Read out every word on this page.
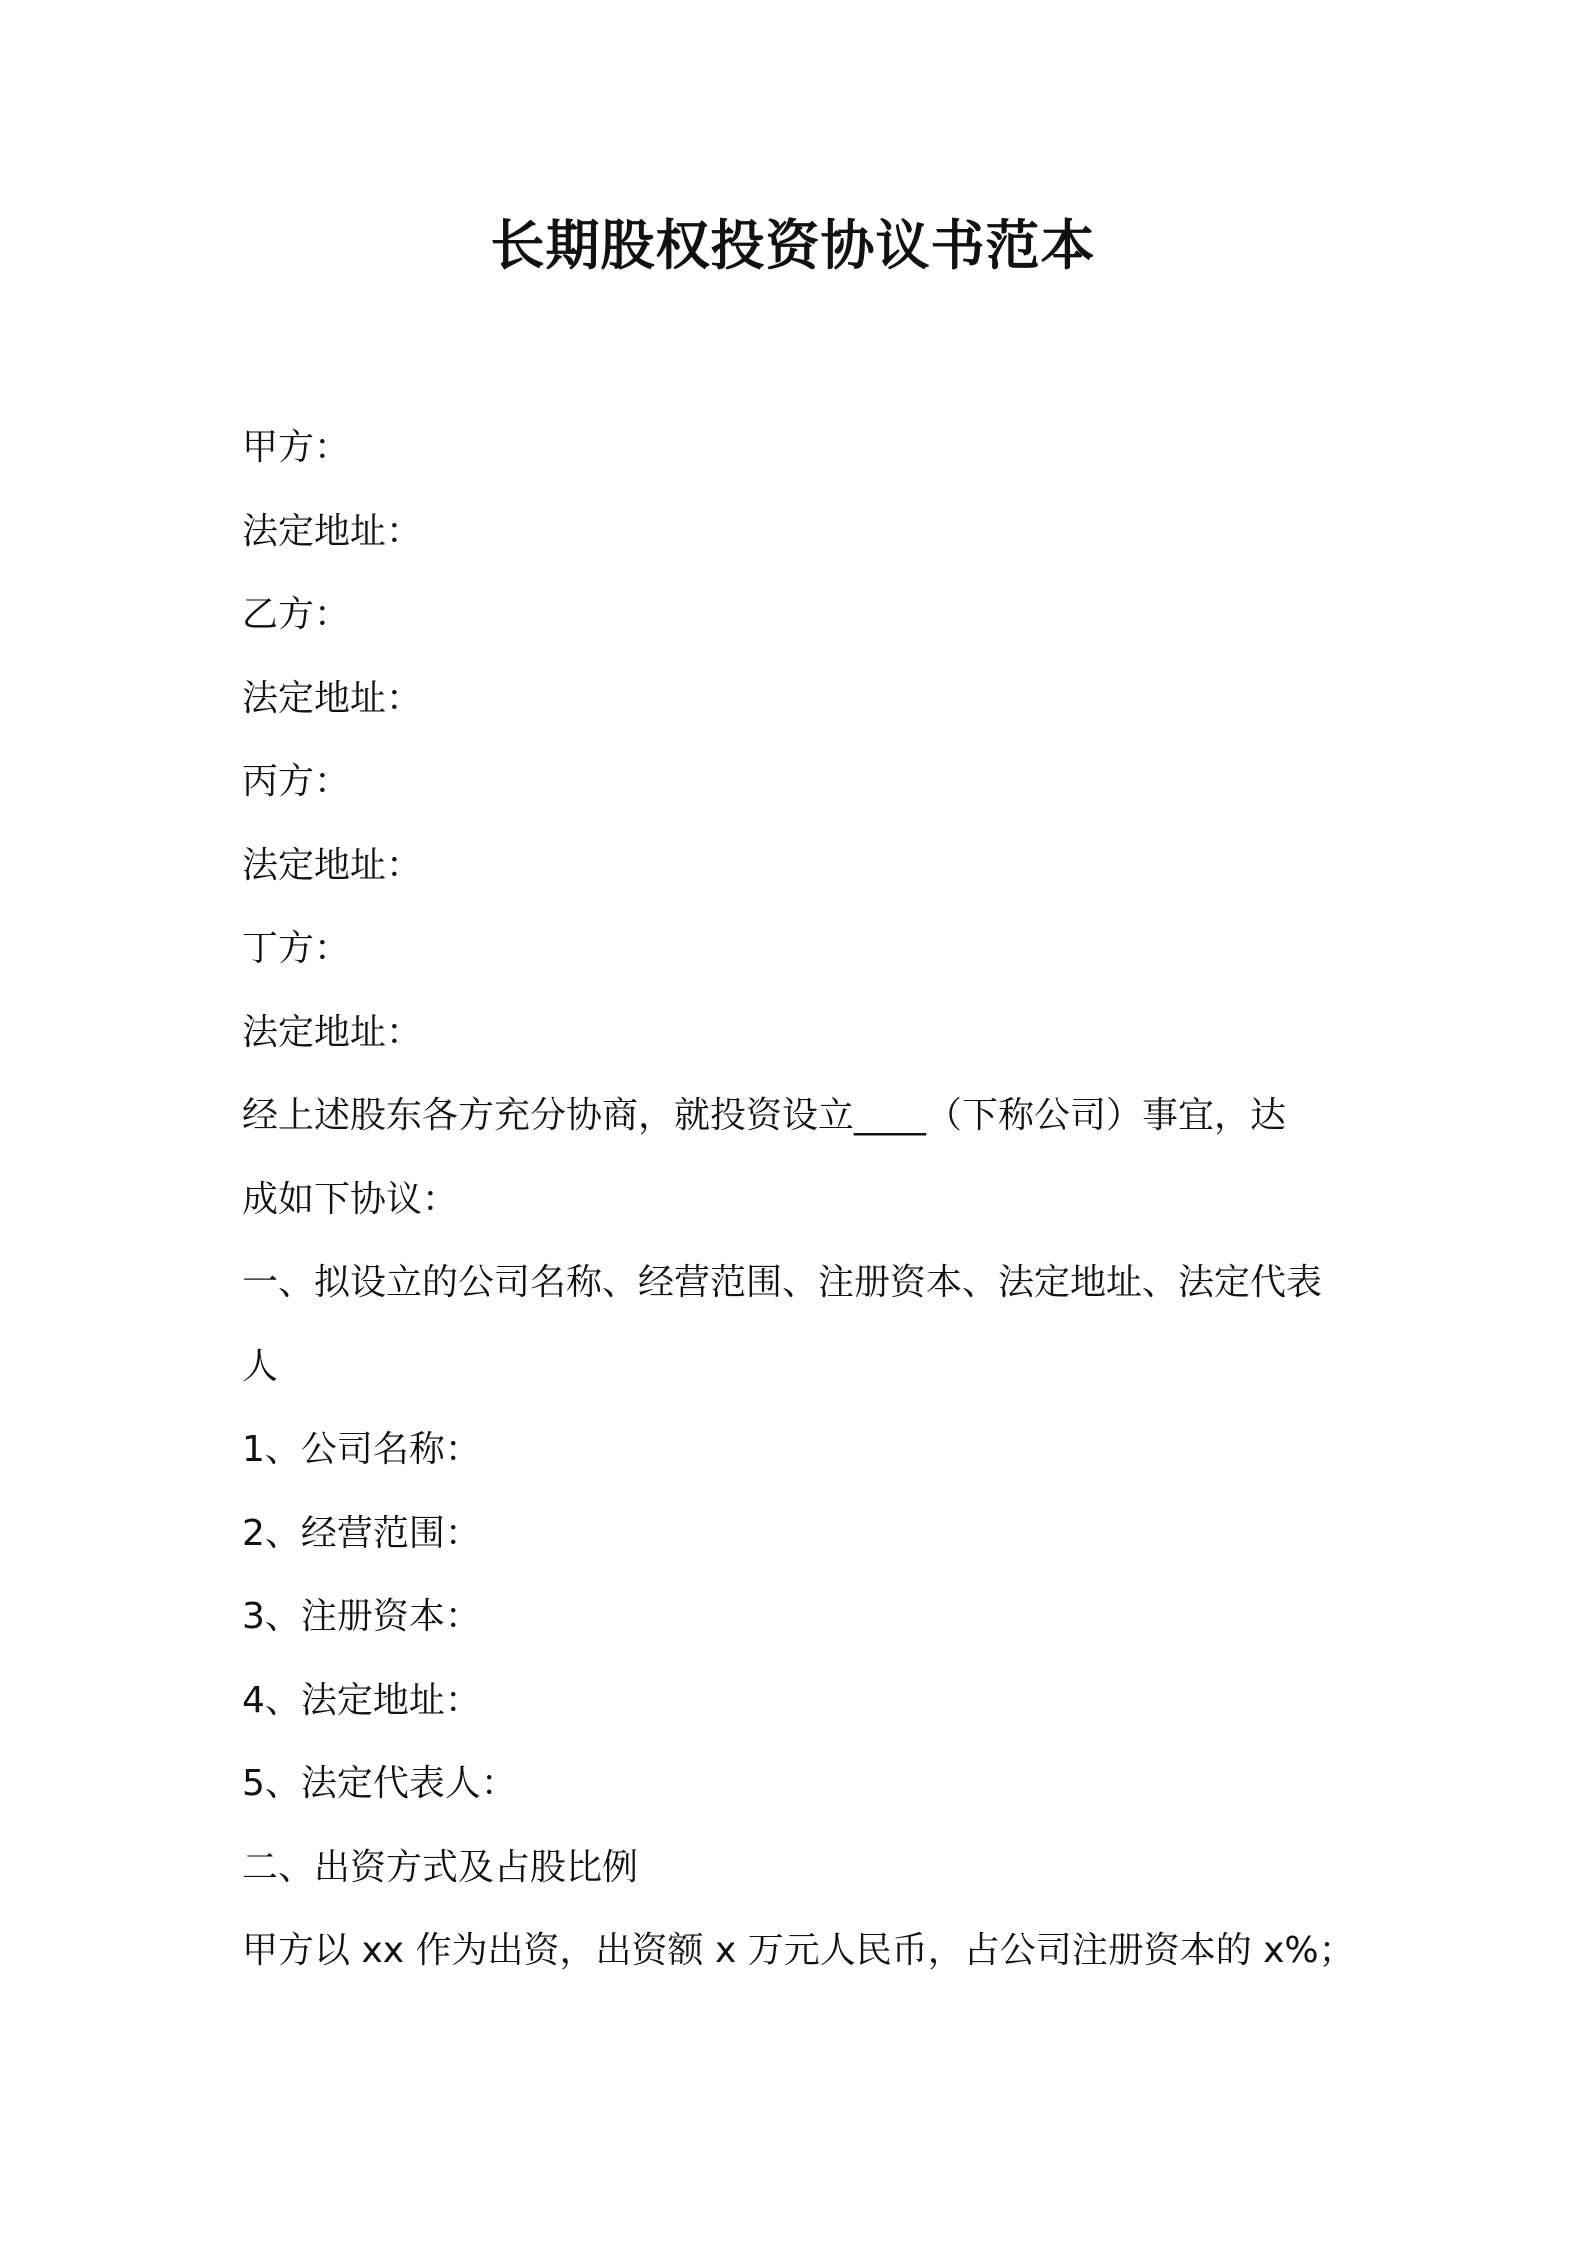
长期股权投资协议书范本
甲方：
法定地址：
乙方：
法定地址：
丙方：
法定地址：
丁方：
法定地址：
经上述股东各方充分协商，就投资设立____（下称公司）事宜，达
成如下协议：
一、拟设立的公司名称、经营范围、注册资本、法定地址、法定代表
人
1、公司名称：
2、经营范围：
3、注册资本：
4、法定地址：
5、法定代表人：
二、出资方式及占股比例
甲方以 xx 作为出资，出资额 x 万元人民币，占公司注册资本的 x%；
